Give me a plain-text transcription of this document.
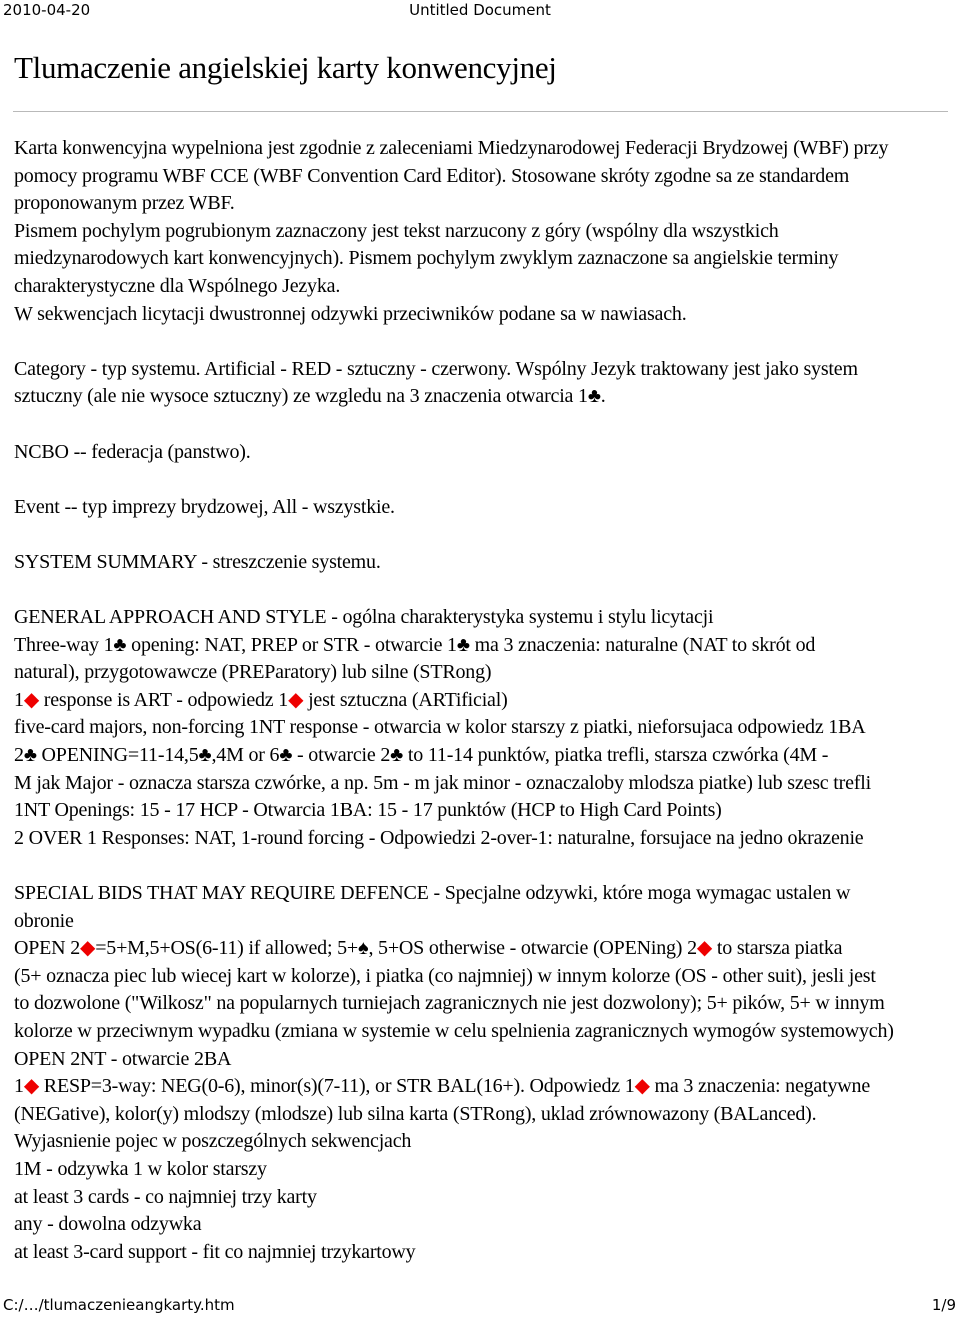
2010-04-20	Untitled Document
Tlumaczenie angielskiej karty konwencyjnej

Karta konwencyjna wypelniona jest zgodnie z zaleceniami Miedzynarodowej Federacji Brydzowej (WBF) przy

pomocy programu WBF CCE (WBF Convention Card Editor). Stosowane skróty zgodne sa ze standardem

proponowanym przez WBF.

Pismem pochylym pogrubionym zaznaczony jest tekst narzucony z góry (wspólny dla wszystkich

miedzynarodowych kart konwencyjnych). Pismem pochylym zwyklym zaznaczone sa angielskie terminy

charakterystyczne dla Wspólnego Jezyka.

W sekwencjach licytacji dwustronnej odzywki przeciwników podane sa w nawiasach.

Category - typ systemu. Artificial - RED - sztuczny - czerwony. Wspólny Jezyk traktowany jest jako system

sztuczny (ale nie wysoce sztuczny) ze wzgledu na 3 znaczenia otwarcia 1♣.

NCBO -- federacja (panstwo).

Event -- typ imprezy brydzowej, All - wszystkie.

SYSTEM SUMMARY - streszczenie systemu.

GENERAL APPROACH AND STYLE - ogólna charakterystyka systemu i stylu licytacji

Three-way 1♣ opening: NAT, PREP or STR - otwarcie 1♣ ma 3 znaczenia: naturalne (NAT to skrót od

natural), przygotowawcze (PREParatory) lub silne (STRong)

1◆ response is ART - odpowiedz 1◆ jest sztuczna (ARTificial)

five-card majors, non-forcing 1NT response - otwarcia w kolor starszy z piatki, nieforsujaca odpowiedz 1BA

2♣ OPENING=11-14,5♣,4M or 6♣ - otwarcie 2♣ to 11-14 punktów, piatka trefli, starsza czwórka (4M -

M jak Major - oznacza starsza czwórke, a np. 5m - m jak minor - oznaczaloby mlodsza piatke) lub szesc trefli

1NT Openings: 15 - 17 HCP - Otwarcia 1BA: 15 - 17 punktów (HCP to High Card Points)

2 OVER 1 Responses: NAT, 1-round forcing - Odpowiedzi 2-over-1: naturalne, forsujace na jedno okrazenie

SPECIAL BIDS THAT MAY REQUIRE DEFENCE - Specjalne odzywki, które moga wymagac ustalen w

obronie

OPEN 2◆=5+M,5+OS(6-11) if allowed; 5+♠, 5+OS otherwise - otwarcie (OPENing) 2◆ to starsza piatka

(5+ oznacza piec lub wiecej kart w kolorze), i piatka (co najmniej) w innym kolorze (OS - other suit), jesli jest

to dozwolone ("Wilkosz" na popularnych turniejach zagranicznych nie jest dozwolony); 5+ pików, 5+ w innym

kolorze w przeciwnym wypadku (zmiana w systemie w celu spelnienia zagranicznych wymogów systemowych)

OPEN 2NT - otwarcie 2BA

1◆ RESP=3-way: NEG(0-6), minor(s)(7-11), or STR BAL(16+). Odpowiedz 1◆ ma 3 znaczenia: negatywne

(NEGative), kolor(y) mlodszy (mlodsze) lub silna karta (STRong), uklad zrównowazony (BALanced).

Wyjasnienie pojec w poszczególnych sekwencjach

1M - odzywka 1 w kolor starszy

at least 3 cards - co najmniej trzy karty

any - dowolna odzywka

at least 3-card support - fit co najmniej trzykartowy

C:/…/tlumaczenieangkarty.htm	1/9
